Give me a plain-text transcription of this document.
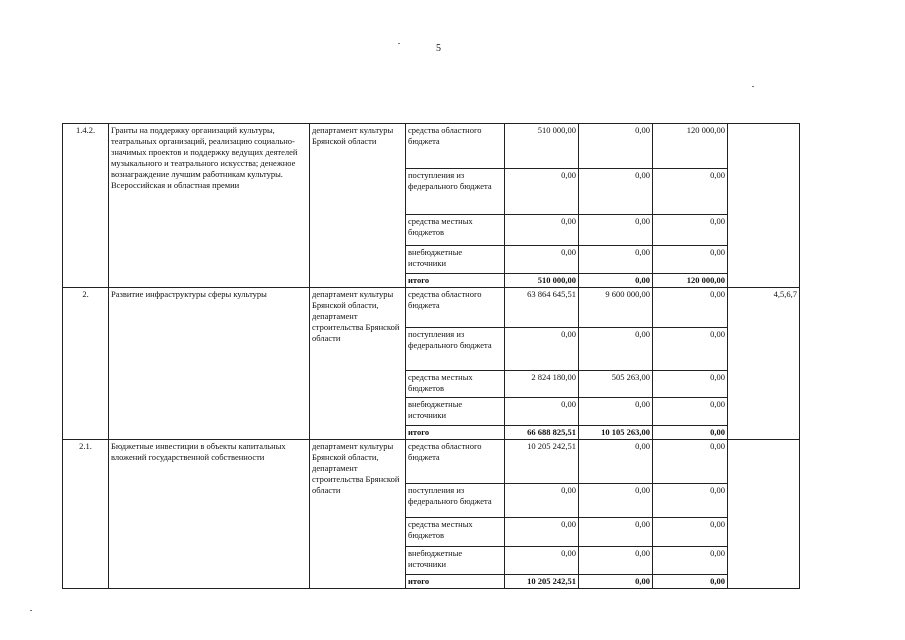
5
1.4.2.	Гранты на поддержку организаций культуры, театральных организаций, реализацию социально-значимых проектов и поддержку ведущих деятелей музыкального и театрального искусства; денежное вознаграждение лучшим работникам культуры. Всероссийская и областная премии	департамент культуры Брянской области	средства областного бюджета	510 000,00	0,00	120 000,00	
			поступления из федерального бюджета	0,00	0,00	0,00	
			средства местных бюджетов	0,00	0,00	0,00	
			внебюджетные источники	0,00	0,00	0,00	
			итого	510 000,00	0,00	120 000,00	
2.	Развитие инфраструктуры сферы культуры	департамент культуры Брянской области, департамент строительства Брянской области	средства областного бюджета	63 864 645,51	9 600 000,00	0,00	4,5,6,7
			поступления из федерального бюджета	0,00	0,00	0,00	
			средства местных бюджетов	2 824 180,00	505 263,00	0,00	
			внебюджетные источники	0,00	0,00	0,00	
			итого	66 688 825,51	10 105 263,00	0,00	
2.1.	Бюджетные инвестиции в объекты капитальных вложений государственной собственности	департамент культуры Брянской области, департамент строительства Брянской области	средства областного бюджета	10 205 242,51	0,00	0,00	
			поступления из федерального бюджета	0,00	0,00	0,00	
			средства местных бюджетов	0,00	0,00	0,00	
			внебюджетные источники	0,00	0,00	0,00	
			итого	10 205 242,51	0,00	0,00	
